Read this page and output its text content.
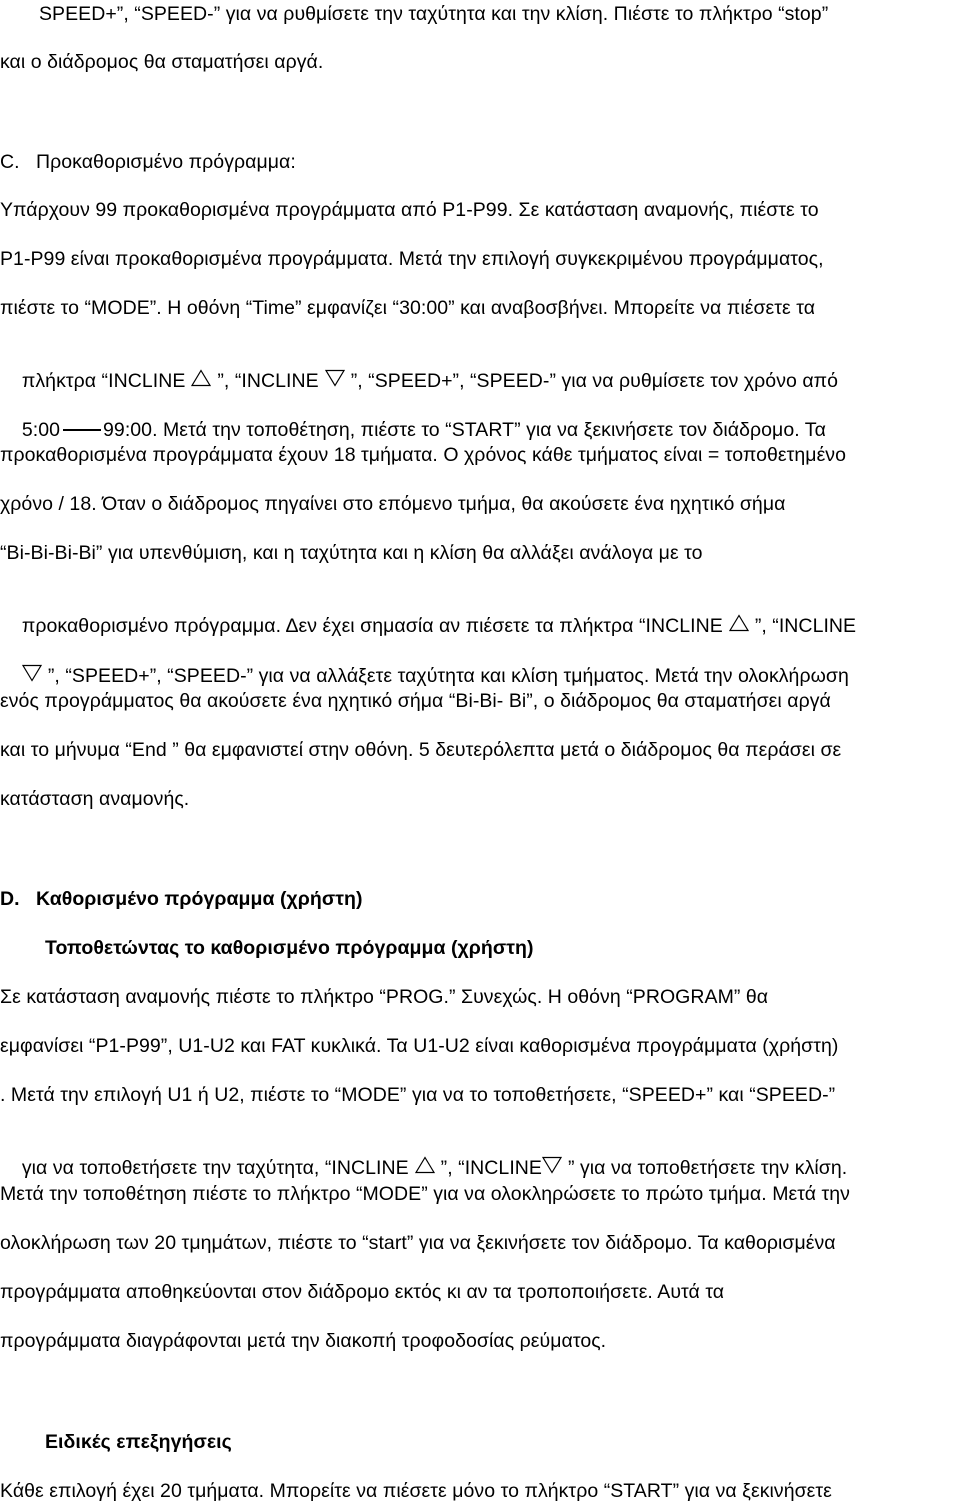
SPEED+”, “SPEED-” για να ρυθμίσετε την ταχύτητα και την κλίση. Πιέστε το πλήκτρο “stop”
και ο διάδρομος θα σταματήσει αργά.
C.   Προκαθορισμένο πρόγραμμα:
Υπάρχουν 99 προκαθορισμένα προγράμματα από P1-P99. Σε κατάσταση αναμονής, πιέστε το
P1-P99 είναι προκαθορισμένα προγράμματα. Μετά την επιλογή συγκεκριμένου προγράμματος,
πιέστε το “MODE”. Η οθόνη “Time” εμφανίζει “30:00” και αναβοσβήνει. Μπορείτε να πιέσετε τα

πλήκτρα “INCLINE ”, “INCLINE ”, “SPEED+”, “SPEED-” για να ρυθμίσετε τον χρόνο από

5:00 99:00. Μετά την τοποθέτηση, πιέστε το “START” για να ξεκινήσετε τον διάδρομο. Τα

προκαθορισμένα προγράμματα έχουν 18 τμήματα. Ο χρόνος κάθε τμήματος είναι = τοποθετημένο
χρόνο / 18. Όταν ο διάδρομος πηγαίνει στο επόμενο τμήμα, θα ακούσετε ένα ηχητικό σήμα
“Bi-Bi-Bi-Bi” για υπενθύμιση, και η ταχύτητα και η κλίση θα αλλάξει ανάλογα με το

προκαθορισμένο πρόγραμμα. Δεν έχει σημασία αν πιέσετε τα πλήκτρα “INCLINE ”, “INCLINE

”, “SPEED+”, “SPEED-” για να αλλάξετε ταχύτητα και κλίση τμήματος. Μετά την ολοκλήρωση

ενός προγράμματος θα ακούσετε ένα ηχητικό σήμα “Bi-Bi- Bi”, ο διάδρομος θα σταματήσει αργά
και το μήνυμα “End ” θα εμφανιστεί στην οθόνη. 5 δευτερόλεπτα μετά ο διάδρομος θα περάσει σε
κατάσταση αναμονής.
D.   Καθορισμένο πρόγραμμα (χρήστη)
Τοποθετώντας το καθορισμένο πρόγραμμα (χρήστη)
Σε κατάσταση αναμονής πιέστε το πλήκτρο “PROG.” Συνεχώς. Η οθόνη “PROGRAM” θα
εμφανίσει “P1-P99”, U1-U2 και FAT κυκλικά. Τα U1-U2 είναι καθορισμένα προγράμματα (χρήστη)
. Μετά την επιλογή U1 ή U2, πιέστε το “MODE” για να το τοποθετήσετε, “SPEED+” και “SPEED-”

για να τοποθετήσετε την ταχύτητα, “INCLINE ”, “INCLINE ” για να τοποθετήσετε την κλίση.

Μετά την τοποθέτηση πιέστε το πλήκτρο “MODE” για να ολοκληρώσετε το πρώτο τμήμα. Μετά την
ολοκλήρωση των 20 τμημάτων, πιέστε το “start” για να ξεκινήσετε τον διάδρομο. Τα καθορισμένα
προγράμματα αποθηκεύονται στον διάδρομο εκτός κι αν τα τροποποιήσετε. Αυτά τα
προγράμματα διαγράφονται μετά την διακοπή τροφοδοσίας ρεύματος.
Ειδικές επεξηγήσεις
Κάθε επιλογή έχει 20 τμήματα. Μπορείτε να πιέσετε μόνο το πλήκτρο “START” για να ξεκινήσετε
